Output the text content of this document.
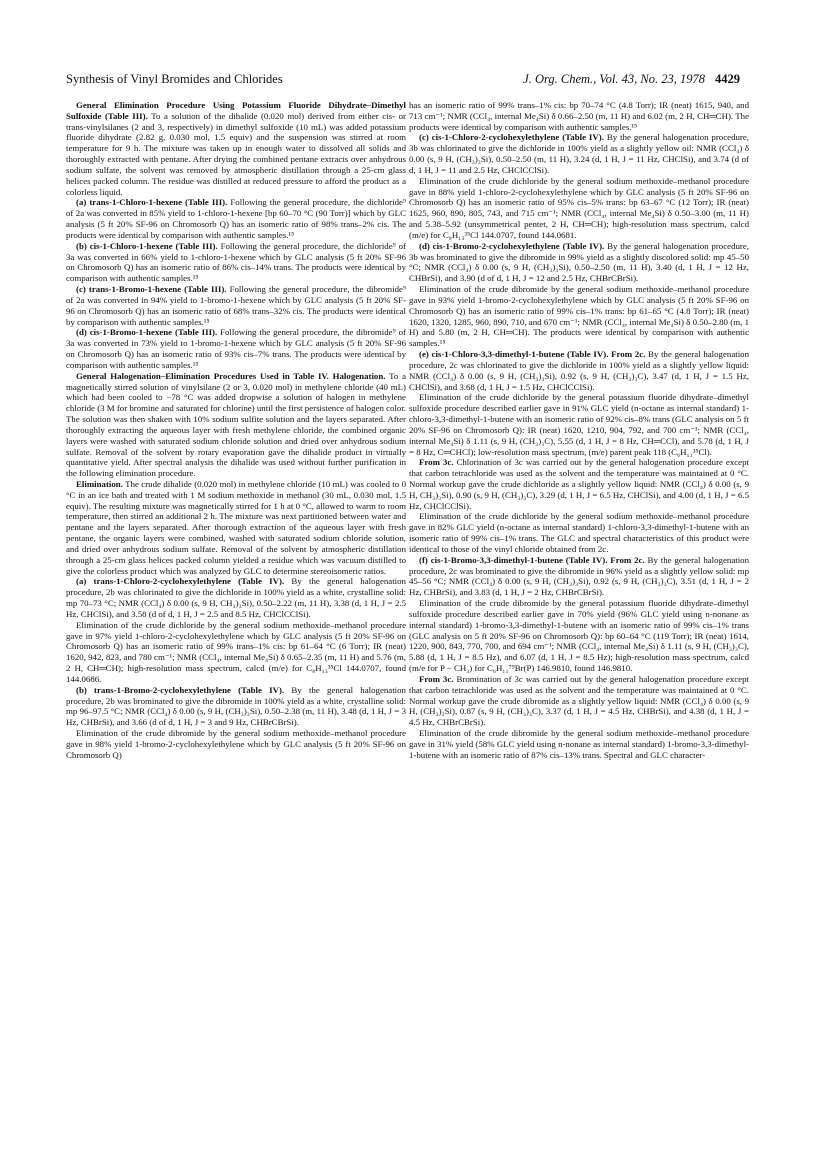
Synthesis of Vinyl Bromides and Chlorides	J. Org. Chem., Vol. 43, No. 23, 1978 4429

General Elimination Procedure Using Potassium Fluoride Dihydrate–Dimethyl Sulfoxide (Table III). To a solution of the dihalide (0.020 mol) derived from either cis- or trans-vinylsilanes (2 and 3, respectively) in dimethyl sulfoxide (10 mL) was added potassium fluoride dihydrate (2.82 g, 0.030 mol, 1.5 equiv) and the suspension was stirred at room temperature for 9 h. The mixture was taken up in enough water to dissolved all solids and thoroughly extracted with pentane. After drying the combined pentane extracts over anhydrous sodium sulfate, the solvent was removed by atmospheric distillation through a 25-cm glass helices packed column. The residue was distilled at reduced pressure to afford the product as a colorless liquid.

(a) trans-1-Chloro-1-hexene (Table III). Following the general procedure, the dichloride⁹ of 2a was converted in 85% yield to 1-chloro-1-hexene [bp 60–70 °C (90 Torr)] which by GLC analysis (5 ft 20% SF-96 on Chromosorb Q) has an isomeric ratio of 98% trans–2% cis. The products were identical by comparison with authentic samples.¹⁵

(b) cis-1-Chloro-1-hexene (Table III). Following the general procedure, the dichloride⁹ of 3a was converted in 66% yield to 1-chloro-1-hexene which by GLC analysis (5 ft 20% SF-96 on Chromosorb Q) has an isomeric ratio of 86% cis–14% trans. The products were identical by comparison with authentic samples.¹⁵

(c) trans-1-Bromo-1-hexene (Table III). Following the general procedure, the dibromide⁹ of 2a was converted in 94% yield to 1-bromo-1-hexene which by GLC analysis (5 ft 20% SF-96 on Chromosorb Q) has an isomeric ratio of 68% trans–32% cis. The products were identical by comparison with authentic samples.¹⁵

(d) cis-1-Bromo-1-hexene (Table III). Following the general procedure, the dibromide⁹ of 3a was converted in 73% yield to 1-bromo-1-hexene which by GLC analysis (5 ft 20% SF-96 on Chromosorb Q) has an isomeric ratio of 93% cis–7% trans. The products were identical by comparison with authentic samples.¹⁵

General Halogenation–Elimination Procedures Used in Table IV. Halogenation. To a magnetically stirred solution of vinylsilane (2 or 3, 0.020 mol) in methylene chloride (40 mL) which had been cooled to −78 °C was added dropwise a solution of halogen in methylene chloride (3 M for bromine and saturated for chlorine) until the first persistence of halogen color. The solution was then shaken with 10% sodium sulfite solution and the layers separated. After thoroughly extracting the aqueous layer with fresh methylene chloride, the combined organic layers were washed with saturated sodium chloride solution and dried over anhydrous sodium sulfate. Removal of the solvent by rotary evaporation gave the dihalide product in virtually quantitative yield. After spectral analysis the dihalide was used without further purification in the following elimination procedure.

Elimination. The crude dihalide (0.020 mol) in methylene chloride (10 mL) was cooled to 0 °C in an ice bath and treated with 1 M sodium methoxide in methanol (30 mL, 0.030 mol, 1.5 equiv). The resulting mixture was magnetically stirred for 1 h at 0 °C, allowed to warm to room temperature, then stirred an additional 2 h. The mixture was next partitioned between water and pentane and the layers separated. After thorough extraction of the aqueous layer with fresh pentane, the organic layers were combined, washed with saturated sodium chloride solution, and dried over anhydrous sodium sulfate. Removal of the solvent by atmospheric distillation through a 25-cm glass helices packed column yielded a residue which was vacuum distilled to give the colorless product which was analyzed by GLC to determine stereoisomeric ratios.

(a) trans-1-Chloro-2-cyclohexylethylene (Table IV). By the general halogenation procedure, 2b was chlorinated to give the dichloride in 100% yield as a white, crystalline solid: mp 70–73 °C; NMR (CCl₄) δ 0.00 (s, 9 H, CH₃)₃Si), 0.50–2.22 (m, 11 H), 3.38 (d, 1 H, J = 2.5 Hz, CHClSi), and 3.58 (d of d, 1 H, J = 2.5 and 8.5 Hz, CHClCClSi).

Elimination of the crude dichloride by the general sodium methoxide–methanol procedure gave in 97% yield 1-chloro-2-cyclohexylethylene which by GLC analysis (5 ft 20% SF-96 on Chromosorb Q) has an isomeric ratio of 99% trans–1% cis: bp 61–64 °C (6 Torr); IR (neat) 1620, 942, 823, and 780 cm⁻¹; NMR (CCl₄, internal Me₄Si) δ 0.65–2.35 (m, 11 H) and 5.76 (m, 2 H, CH═CH); high-resolution mass spectrum, calcd (m/e) for C₈H₁₃³⁵Cl 144.0707, found 144.0686.

(b) trans-1-Bromo-2-cyclohexylethylene (Table IV). By the general halogenation procedure, 2b was brominated to give the dibromide in 100% yield as a white, crystalline solid: mp 96–97.5 °C; NMR (CCl₄) δ 0.00 (s, 9 H, (CH₃)₃Si), 0.50–2.38 (m, 11 H), 3.48 (d, 1 H, J = 3 Hz, CHBrSi), and 3.66 (d of d, 1 H, J = 3 and 9 Hz, CHBrCBrSi).

Elimination of the crude dibromide by the general sodium methoxide–methanol procedure gave in 98% yield 1-bromo-2-cyclohexylethylene which by GLC analysis (5 ft 20% SF-96 on Chromosorb Q)

has an isomeric ratio of 99% trans–1% cis: bp 70–74 °C (4.8 Torr); IR (neat) 1615, 940, and 713 cm⁻¹; NMR (CCl₄, internal Me₄Si) δ 0.66–2.50 (m, 11 H) and 6.02 (m, 2 H, CH═CH). The products were identical by comparison with authentic samples.¹⁵

(c) cis-1-Chloro-2-cyclohexylethylene (Table IV). By the general halogenation procedure, 3b was chlorinated to give the dichloride in 100% yield as a slightly yellow oil: NMR (CCl₄) δ 0.00 (s, 9 H, (CH₃)₃Si), 0.50–2.50 (m, 11 H), 3.24 (d, 1 H, J = 11 Hz, CHClSi), and 3.74 (d of d, 1 H, J = 11 and 2.5 Hz, CHClCClSi).

Elimination of the crude dichloride by the general sodium methoxide–methanol procedure gave in 88% yield 1-chloro-2-cyclohexylethylene which by GLC analysis (5 ft 20% SF-96 on Chromosorb Q) has an isomeric ratio of 95% cis–5% trans: bp 63–67 °C (12 Torr); IR (neat) 1625, 960, 890, 805, 743, and 715 cm⁻¹; NMR (CCl₄, internal Me₄Si) δ 0.50–3.00 (m, 11 H) and 5.38–5.92 (unsymmetrical pentet, 2 H, CH═CH); high-resolution mass spectrum, calcd (m/e) for C₈H₁₃³⁵Cl 144.0707, found 144.0681.

(d) cis-1-Bromo-2-cyclohexylethylene (Table IV). By the general halogenation procedure, 3b was brominated to give the dibromide in 99% yield as a slightly discolored solid: mp 45–50 °C; NMR (CCl₄) δ 0.00 (s, 9 H, (CH₃)₃Si), 0.50–2.50 (m, 11 H), 3.40 (d, 1 H, J = 12 Hz, CHBrSi), and 3.90 (d of d, 1 H, J = 12 and 2.5 Hz, CHBrCBrSi).

Elimination of the crude dibromide by the general sodium methoxide–methanol procedure gave in 93% yield 1-bromo-2-cyclohexylethylene which by GLC analysis (5 ft 20% SF-96 on Chromosorb Q) has an isomeric ratio of 99% cis–1% trans: bp 61–65 °C (4.8 Torr); IR (neat) 1620, 1320, 1285, 960, 890, 710, and 670 cm⁻¹; NMR (CCl₄, internal Me₄Si) δ 0.50–2.80 (m, 1 H) and 5.80 (m, 2 H, CH═CH). The products were identical by comparison with authentic samples.¹⁵

(e) cis-1-Chloro-3,3-dimethyl-1-butene (Table IV). From 2c. By the general halogenation procedure, 2c was chlorinated to give the dichloride in 100% yield as a slightly yellow liquid: NMR (CCl₄) δ 0.00 (s, 9 H, (CH₃)₃Si), 0.92 (s, 9 H, (CH₃)₃C), 3.47 (d, 1 H, J = 1.5 Hz, CHClSi), and 3.68 (d, 1 H, J = 1.5 Hz, CHClCClSi).

Elimination of the crude dichloride by the general potassium fluoride dihydrate–dimethyl sulfoxide procedure described earlier gave in 91% GLC yield (n-octane as internal standard) 1-chloro-3,3-dimethyl-1-butene with an isomeric ratio of 92% cis–8% trans (GLC analysis on 5 ft 20% SF-96 on Chromosorb Q): IR (neat) 1620, 1210, 904, 792, and 700 cm⁻¹; NMR (CCl₄, internal Me₄Si) δ 1.11 (s, 9 H, (CH₃)₃C), 5.55 (d, 1 H, J = 8 Hz, CH═CCl), and 5.78 (d, 1 H, J = 8 Hz, C═CHCl); low-resolution mass spectrum, (m/e) parent peak 118 (C₆H₁₁³⁵Cl).

From 3c. Chlorination of 3c was carried out by the general halogenation procedure except that carbon tetrachloride was used as the solvent and the temperature was maintained at 0 °C. Normal workup gave the crude dichloride as a slightly yellow liquid: NMR (CCl₄) δ 0.00 (s, 9 H, CH₃)₃Si), 0.90 (s, 9 H, (CH₃)₃C), 3.29 (d, 1 H, J = 6.5 Hz, CHClSi), and 4.00 (d, 1 H, J = 6.5 Hz, CHClCClSi).

Elimination of the crude dichloride by the general sodium methoxide–methanol procedure gave in 82% GLC yield (n-octane as internal standard) 1-chloro-3,3-dimethyl-1-butene with an isomeric ratio of 99% cis–1% trans. The GLC and spectral characteristics of this product were identical to those of the vinyl chloride obtained from 2c.

(f) cis-1-Bromo-3,3-dimethyl-1-butene (Table IV). From 2c. By the general halogenation procedure, 2c was brominated to give the dibromide in 96% yield as a slightly yellow solid: mp 45–56 °C; NMR (CCl₄) δ 0.00 (s, 9 H, (CH₃)₃Si), 0.92 (s, 9 H, (CH₃)₃C), 3.51 (d, 1 H, J = 2 Hz, CHBrSi), and 3.83 (d, 1 H, J = 2 Hz, CHBrCBrSi).

Elimination of the crude dibromide by the general potassium fluoride dihydrate–dimethyl sulfoxide procedure described earlier gave in 70% yield (96% GLC yield using n-nonane as internal standard) 1-bromo-3,3-dimethyl-1-butene with an isomeric ratio of 99% cis–1% trans (GLC analysis on 5 ft 20% SF-96 on Chromosorb Q): bp 60–64 °C (119 Torr); IR (neat) 1614, 1220, 900, 843, 770, 700, and 694 cm⁻¹; NMR (CCl₄, internal Me₄Si) δ 1.11 (s, 9 H, (CH₃)₃C), 5.88 (d, 1 H, J = 8.5 Hz), and 6.07 (d, 1 H, J = 8.5 Hz); high-resolution mass spectrum, calcd (m/e for P − CH₃) for C₆H₁₁⁷⁹Br(P) 146.9810, found 146.9810.

From 3c. Bromination of 3c was carried out by the general halogenation procedure except that carbon tetrachloride was used as the solvent and the temperature was maintained at 0 °C. Normal workup gave the crude dibromide as a slightly yellow liquid: NMR (CCl₄) δ 0.00 (s, 9 H, (CH₃)₃Si), 0.87 (s, 9 H, (CH₃)₃C), 3.37 (d, 1 H, J = 4.5 Hz, CHBrSi), and 4.38 (d, 1 H, J = 4.5 Hz, CHBrCBrSi).

Elimination of the crude dibromide by the general sodium methoxide–methanol procedure gave in 31% yield (58% GLC yield using n-nonane as internal standard) 1-bromo-3,3-dimethyl-1-butene with an isomeric ratio of 87% cis–13% trans. Spectral and GLC character-
